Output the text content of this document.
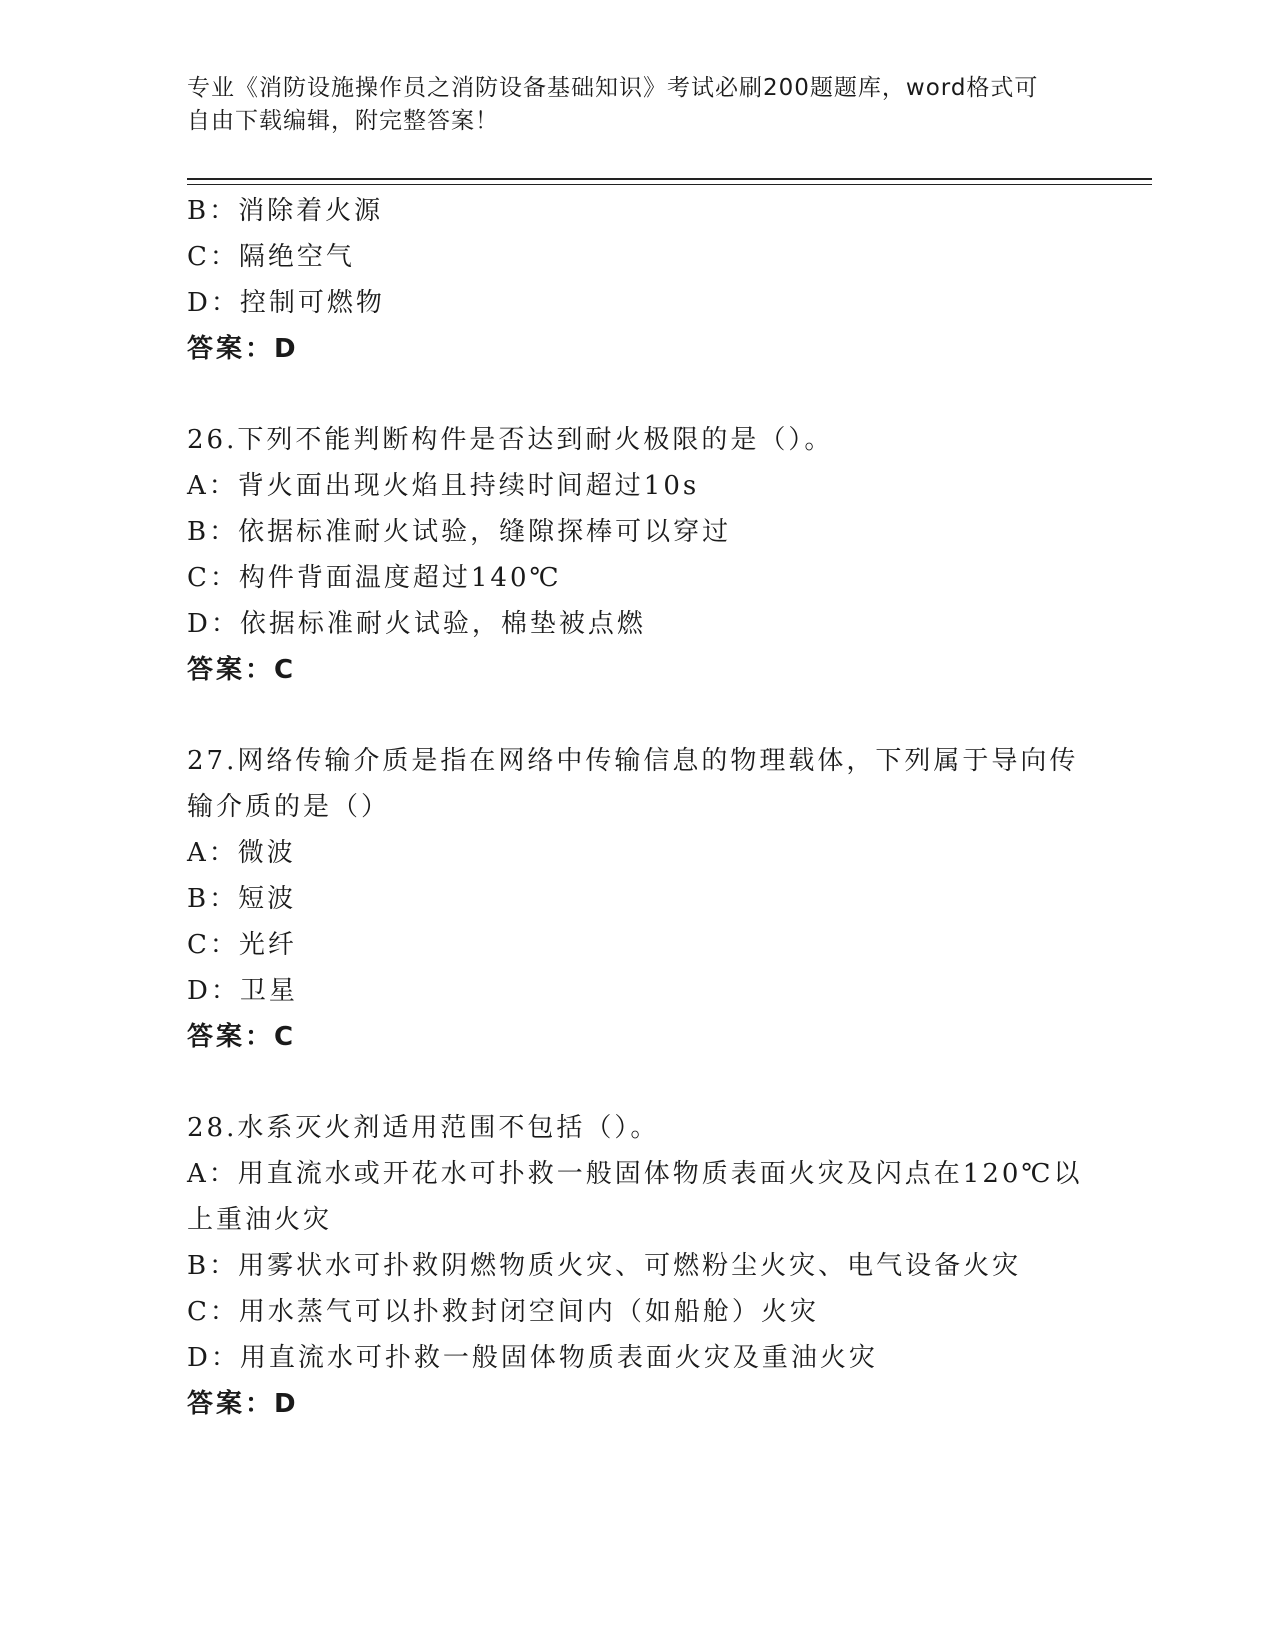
专业《消防设施操作员之消防设备基础知识》考试必刷200题题库，word格式可
自由下载编辑，附完整答案！
B：消除着火源
C：隔绝空气
D：控制可燃物
答案：D
26.下列不能判断构件是否达到耐火极限的是（）。
A：背火面出现火焰且持续时间超过10s
B：依据标准耐火试验，缝隙探棒可以穿过
C：构件背面温度超过140℃
D：依据标准耐火试验，棉垫被点燃
答案：C
27.网络传输介质是指在网络中传输信息的物理载体，下列属于导向传
输介质的是（）
A：微波
B：短波
C：光纤
D：卫星
答案：C
28.水系灭火剂适用范围不包括（）。
A：用直流水或开花水可扑救一般固体物质表面火灾及闪点在120℃以
上重油火灾
B：用雾状水可扑救阴燃物质火灾、可燃粉尘火灾、电气设备火灾
C：用水蒸气可以扑救封闭空间内（如船舱）火灾
D：用直流水可扑救一般固体物质表面火灾及重油火灾
答案：D
